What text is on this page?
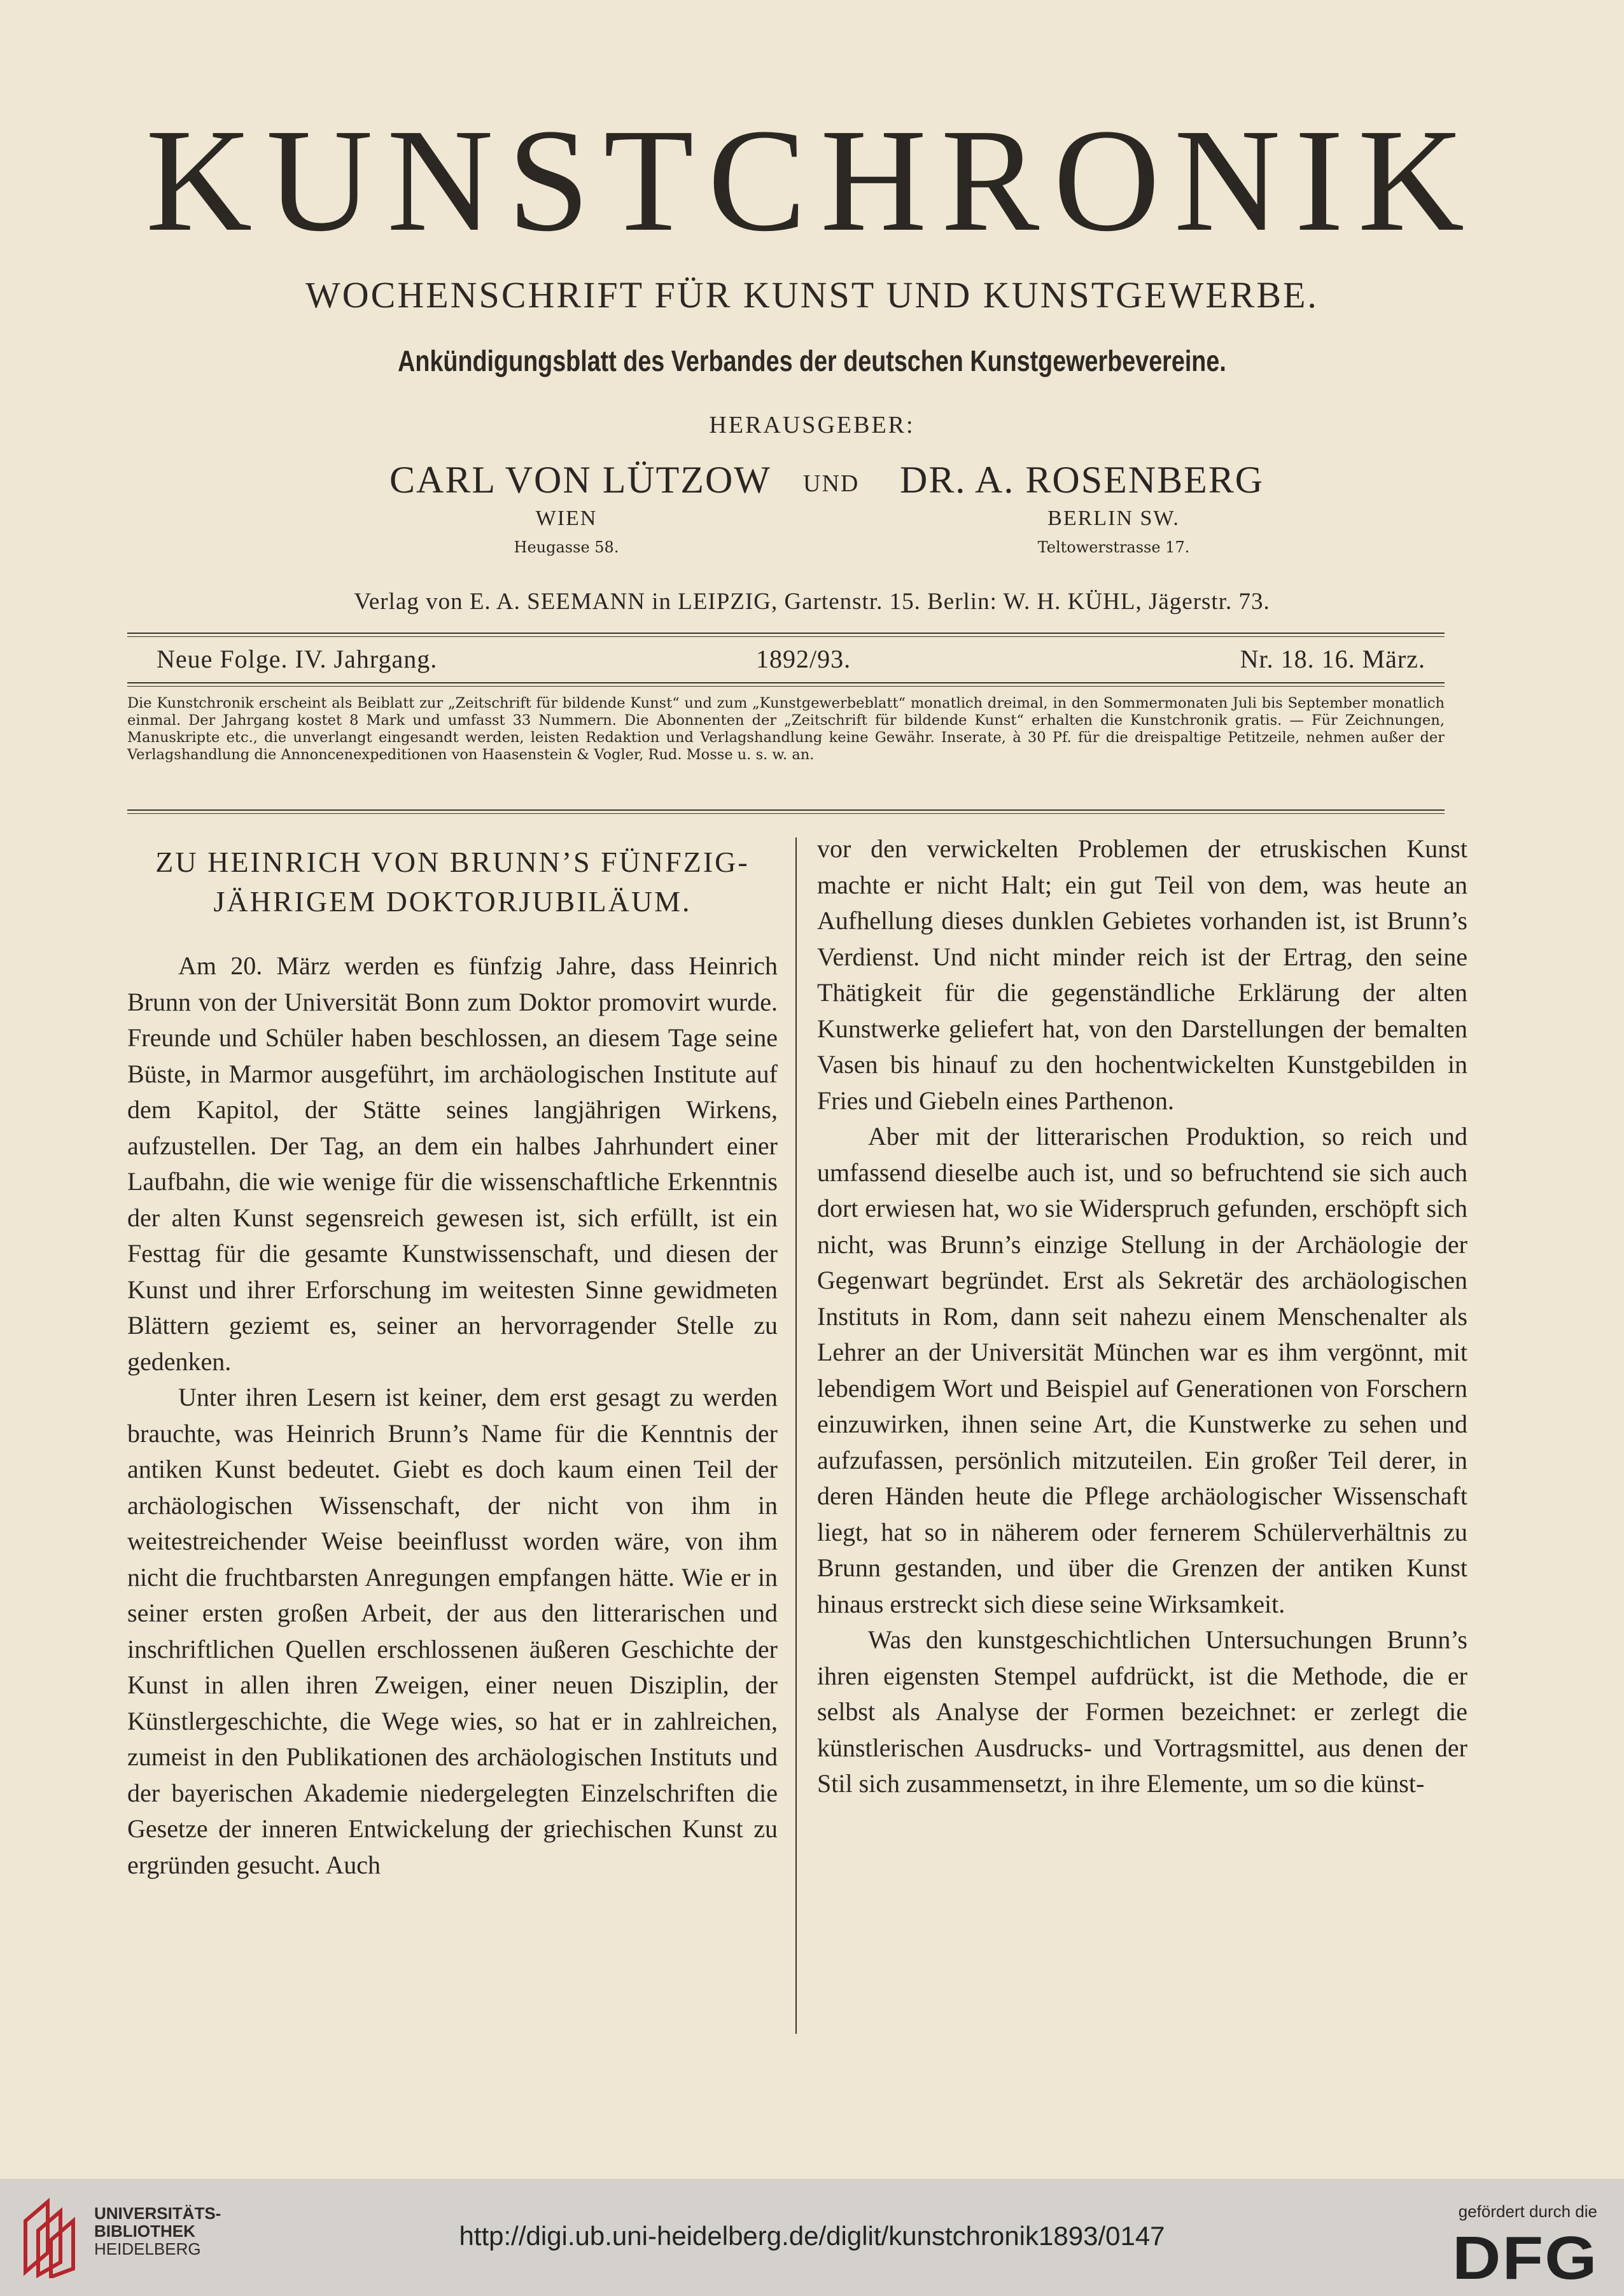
KUNSTCHRONIK
WOCHENSCHRIFT FÜR KUNST UND KUNSTGEWERBE.
Ankündigungsblatt des Verbandes der deutschen Kunstgewerbevereine.
HERAUSGEBER:
CARL VON LÜTZOW UND DR. A. ROSENBERG
WIEN	BERLIN SW.
Heugasse 58.	Teltowerstrasse 17.
Verlag von E. A. SEEMANN in LEIPZIG, Gartenstr. 15. Berlin: W. H. KÜHL, Jägerstr. 73.
Neue Folge. IV. Jahrgang.	1892/93.	Nr. 18. 16. März.
Die Kunstchronik erscheint als Beiblatt zur „Zeitschrift für bildende Kunst“ und zum „Kunstgewerbeblatt“ monatlich dreimal, in den Sommermonaten Juli bis September monatlich einmal. Der Jahrgang kostet 8 Mark und umfasst 33 Nummern. Die Abonnenten der „Zeitschrift für bildende Kunst“ erhalten die Kunstchronik gratis. — Für Zeichnungen, Manuskripte etc., die unverlangt eingesandt werden, leisten Redaktion und Verlagshandlung keine Gewähr. Inserate, à 30 Pf. für die dreispaltige Petitzeile, nehmen außer der Verlagshandlung die Annoncenexpeditionen von Haasenstein & Vogler, Rud. Mosse u. s. w. an.
ZU HEINRICH VON BRUNN’S FÜNFZIG-JÄHRIGEM DOKTORJUBILÄUM.

Am 20. März werden es fünfzig Jahre, dass Heinrich Brunn von der Universität Bonn zum Doktor promovirt wurde. Freunde und Schüler haben beschlossen, an diesem Tage seine Büste, in Marmor ausgeführt, im archäologischen Institute auf dem Kapitol, der Stätte seines langjährigen Wirkens, aufzustellen. Der Tag, an dem ein halbes Jahrhundert einer Laufbahn, die wie wenige für die wissenschaftliche Erkenntnis der alten Kunst segensreich gewesen ist, sich erfüllt, ist ein Festtag für die gesamte Kunstwissenschaft, und diesen der Kunst und ihrer Erforschung im weitesten Sinne gewidmeten Blättern geziemt es, seiner an hervorragender Stelle zu gedenken.

Unter ihren Lesern ist keiner, dem erst gesagt zu werden brauchte, was Heinrich Brunn’s Name für die Kenntnis der antiken Kunst bedeutet. Giebt es doch kaum einen Teil der archäologischen Wissenschaft, der nicht von ihm in weitestreichender Weise beeinflusst worden wäre, von ihm nicht die fruchtbarsten Anregungen empfangen hätte. Wie er in seiner ersten großen Arbeit, der aus den litterarischen und inschriftlichen Quellen erschlossenen äußeren Geschichte der Kunst in allen ihren Zweigen, einer neuen Disziplin, der Künstlergeschichte, die Wege wies, so hat er in zahlreichen, zumeist in den Publikationen des archäologischen Instituts und der bayerischen Akademie niedergelegten Einzelschriften die Gesetze der inneren Entwickelung der griechischen Kunst zu ergründen gesucht. Auch

vor den verwickelten Problemen der etruskischen Kunst machte er nicht Halt; ein gut Teil von dem, was heute an Aufhellung dieses dunklen Gebietes vorhanden ist, ist Brunn’s Verdienst. Und nicht minder reich ist der Ertrag, den seine Thätigkeit für die gegenständliche Erklärung der alten Kunstwerke geliefert hat, von den Darstellungen der bemalten Vasen bis hinauf zu den hochentwickelten Kunstgebilden in Fries und Giebeln eines Parthenon.

Aber mit der litterarischen Produktion, so reich und umfassend dieselbe auch ist, und so befruchtend sie sich auch dort erwiesen hat, wo sie Widerspruch gefunden, erschöpft sich nicht, was Brunn’s einzige Stellung in der Archäologie der Gegenwart begründet. Erst als Sekretär des archäologischen Instituts in Rom, dann seit nahezu einem Menschenalter als Lehrer an der Universität München war es ihm vergönnt, mit lebendigem Wort und Beispiel auf Generationen von Forschern einzuwirken, ihnen seine Art, die Kunstwerke zu sehen und aufzufassen, persönlich mitzuteilen. Ein großer Teil derer, in deren Händen heute die Pflege archäologischer Wissenschaft liegt, hat so in näherem oder fernerem Schülerverhältnis zu Brunn gestanden, und über die Grenzen der antiken Kunst hinaus erstreckt sich diese seine Wirksamkeit.

Was den kunstgeschichtlichen Untersuchungen Brunn’s ihren eigensten Stempel aufdrückt, ist die Methode, die er selbst als Analyse der Formen bezeichnet: er zerlegt die künstlerischen Ausdrucks- und Vortragsmittel, aus denen der Stil sich zusammensetzt, in ihre Elemente, um so die künst-

UNIVERSITÄTS-
BIBLIOTHEK
HEIDELBERG	http://digi.ub.uni-heidelberg.de/diglit/kunstchronik1893/0147
gefördert durch die
DFG
